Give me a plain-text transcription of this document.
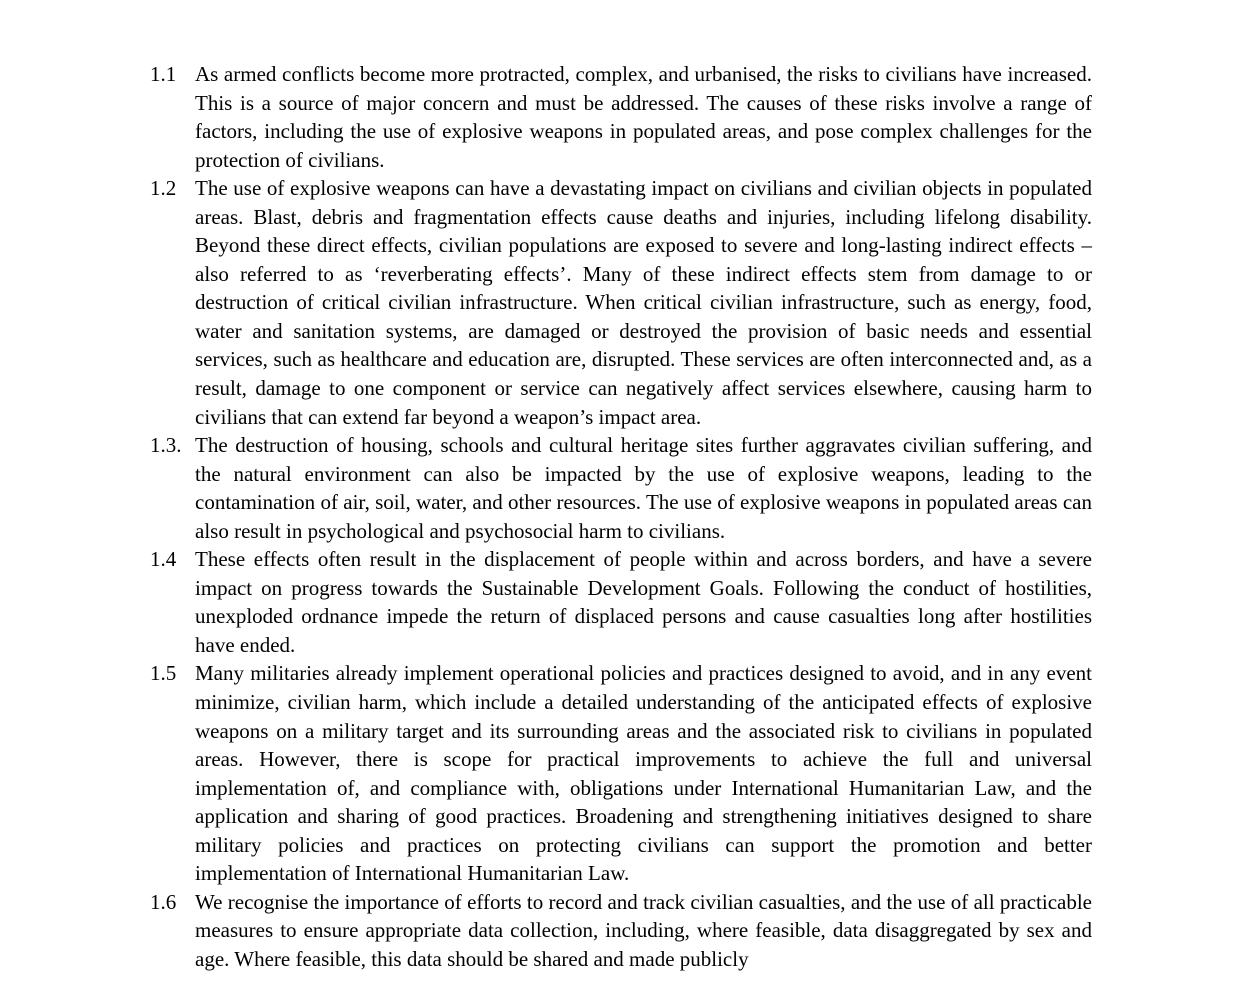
1.1 As armed conflicts become more protracted, complex, and urbanised, the risks to civilians have increased. This is a source of major concern and must be addressed. The causes of these risks involve a range of factors, including the use of explosive weapons in populated areas, and pose complex challenges for the protection of civilians.
1.2 The use of explosive weapons can have a devastating impact on civilians and civilian objects in populated areas. Blast, debris and fragmentation effects cause deaths and injuries, including lifelong disability. Beyond these direct effects, civilian populations are exposed to severe and long-lasting indirect effects – also referred to as ‘reverberating effects’. Many of these indirect effects stem from damage to or destruction of critical civilian infrastructure. When critical civilian infrastructure, such as energy, food, water and sanitation systems, are damaged or destroyed the provision of basic needs and essential services, such as healthcare and education are, disrupted. These services are often interconnected and, as a result, damage to one component or service can negatively affect services elsewhere, causing harm to civilians that can extend far beyond a weapon’s impact area.
1.3. The destruction of housing, schools and cultural heritage sites further aggravates civilian suffering, and the natural environment can also be impacted by the use of explosive weapons, leading to the contamination of air, soil, water, and other resources. The use of explosive weapons in populated areas can also result in psychological and psychosocial harm to civilians.
1.4 These effects often result in the displacement of people within and across borders, and have a severe impact on progress towards the Sustainable Development Goals. Following the conduct of hostilities, unexploded ordnance impede the return of displaced persons and cause casualties long after hostilities have ended.
1.5 Many militaries already implement operational policies and practices designed to avoid, and in any event minimize, civilian harm, which include a detailed understanding of the anticipated effects of explosive weapons on a military target and its surrounding areas and the associated risk to civilians in populated areas. However, there is scope for practical improvements to achieve the full and universal implementation of, and compliance with, obligations under International Humanitarian Law, and the application and sharing of good practices. Broadening and strengthening initiatives designed to share military policies and practices on protecting civilians can support the promotion and better implementation of International Humanitarian Law.
1.6 We recognise the importance of efforts to record and track civilian casualties, and the use of all practicable measures to ensure appropriate data collection, including, where feasible, data disaggregated by sex and age. Where feasible, this data should be shared and made publicly
